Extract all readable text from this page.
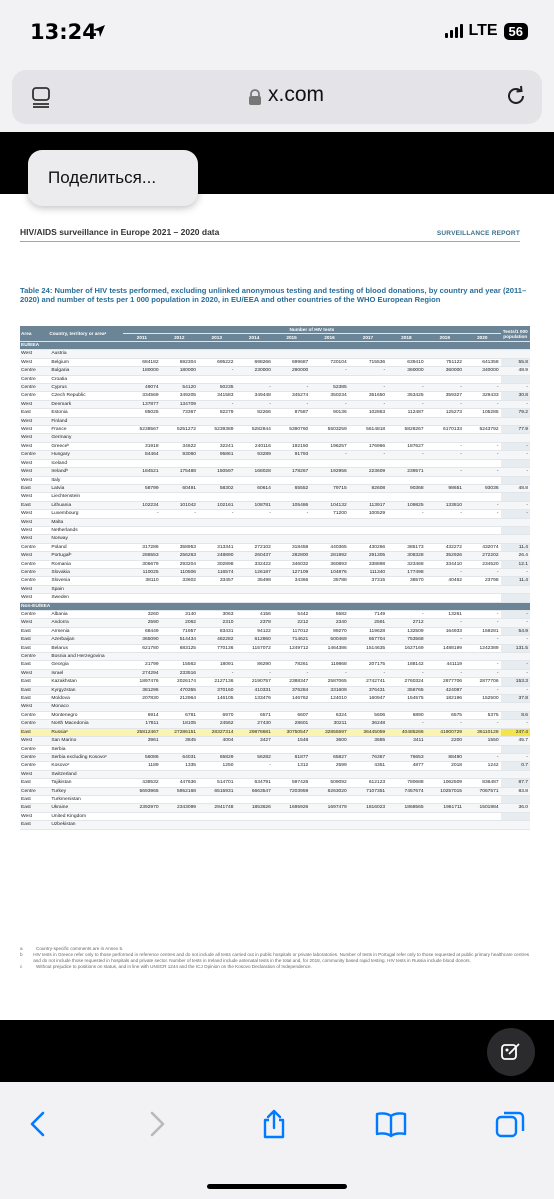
13:24	LTE 56
x.com
Поделиться...
HIV/AIDS surveillance in Europe 2021 – 2020 data	SURVEILLANCE REPORT
Table 24: Number of HIV tests performed, excluding unlinked anonymous testing and testing of blood donations, by country and year (2011–2020) and number of tests per 1 000 population in 2020, in EU/EEA and other countries of the WHO European Region
Area	Country, territory or areaᵃ	Number of HIV tests										Tests/1 000 population
		2011	2012	2013	2014	2015	2016	2017	2018	2019	2020	
EU/EEA												
West	Austria											
West	Belgium	684182	692304	695222	698266	699687	720104	715536	639410	751122	641358	55.8
Centre	Bulgaria	180000	180000	-	230000	290000	-	-	360000	360000	340000	48.9
Centre	Croatia											
Centre	Cyprus	49074	54120	50235	-	-	52385	-	-	-	-	-
Centre	Czech Republic	334569	349205	341583	349448	345274	350234	351650	353425	359327	329433	30.8
West	Denmark	137877	134709	-	-	-	-	-	-	-	-	-
East	Estonia	85025	73367	82279	82266	87587	90136	102863	112487	125273	105285	79.2
West	Finland											
West	France	5238567	5251272	5239389	5282844	5390760	5503259	5614818	5828267	6170133	5243792	77.9
West	Germany											
West	Greeceᵇ	31918	34622	32241	240116	192150	196257	176966	187627	-	-	-
Centre	Hungary	84464	93060	95861	93289	91793	-	-	-	-	-	-
West	Iceland											
West	Irelandᵇ	184521	175488	150597	168028	178267	192956	223609	239571	-	-	-
West	Italy											
East	Latvia	58799	60491	58302	60614	65552	79715	82608	90368	98651	93036	48.8
West	Liechtenstein											
East	Lithuania	102234	101042	102161	108781	105486	104132	113917	109825	133810	-	-
West	Luxembourg	-	-	-	-	-	71200	100529	-	-	-	-
West	Malta											
West	Netherlands											
West	Norway											
Centre	Poland	317286	358953	313341	272102	318458	440365	430266	385173	432272	432074	11.4
West	Portugalᵇ	286553	256263	248890	260437	282800	281992	291305	308328	352926	272202	26.4
Centre	Romania	306679	293204	302898	332422	346032	360893	338898	323468	334410	234520	12.1
Centre	Slovakia	110025	110506	116574	126187	127109	104876	111340	177498	-	-	-
Centre	Slovenia	38110	33602	33457	35498	34366	35788	37315	38570	40462	23798	11.4
West	Spain											
West	Sweden											
Non-EU/EEA												
Centre	Albania	3260	3140	3063	4156	5442	5582	7149	-	13261	-	-
West	Andorra	2590	2062	2310	2378	2212	2340	2591	2712	-	-	-
East	Armenia	68449	71957	83431	94122	117012	99270	119628	132509	164933	159281	54.9
East	Azerbaijan	365090	514434	482282	612860	714621	500469	657704	753568	-	-	-
East	Belarus	621780	683125	770136	1157072	1249712	1464386	1514635	1627169	1488199	1242389	131.5
Centre	Bosnia and Herzegovina											
East	Georgia	21799	15562	18091	86290	78261	119868	207175	188142	441119	-	-
West	Israel	274294	233516	-	-	-	-	-	-	-	-	-
East	Kazakhstan	1897476	2026174	2127136	2190757	2388347	2587065	2742741	2760324	2877706	2877706	153.3
East	Kyrgyzstan	381295	470355	370160	410331	376284	331609	376431	356765	424087	-	-
East	Moldova	207830	212964	146105	133476	146762	124010	160947	154575	182196	152500	37.8
West	Monaco											
Centre	Montenegro	6914	6781	6970	6571	6607	6324	5606	6890	6575	5375	8.6
Centre	North Macedonia	17811	18105	24562	27430	28601	30211	36248	-	-	-	-
East	Russiaᶜ	25812467	27286151	28327314	29878681	30750547	32855597	36445059	40485266	41900729	36110128	247.4
West	San Marino	3961	3845	4004	3427	1548	3600	3685	3411	2200	1550	45.7
Centre	Serbia											
Centre	Serbia excluding Kosovoᶜ	56086	64031	65829	56282	61877	65827	76367	76653	88490	-	-
Centre	Kosovoᶜ	1189	1335	1250	-	1312	2599	4351	4877	2018	1242	0.7
West	Switzerland											
East	Tajikistan	438532	447636	514701	634791	597426	509092	612123	780688	1062509	836487	87.7
Centre	Turkey	5693965	5952168	6515931	6663547	7203959	6263020	7107351	7457674	10257015	7067571	83.8
East	Turkmenistan											
East	Ukraine	2392970	2343099	2941748	1853626	1695926	1697479	1816023	1868565	1961711	1501984	36.0
West	United Kingdom											
East	Uzbekistan											
a	Country-specific comments are in Annex 5.
b HIV tests in Greece refer only to those performed in reference centres and do not include all tests carried out in public hospitals or private laboratories. Number of tests in Portugal refer only to those requested at public primary healthcare centres and do not include those requested in hospitals and private sector. Number of tests in Ireland include antenatal tests in the total and, for 2018, community based rapid testing. HIV tests in Russia include blood donors.
c	Without prejudice to positions on status, and in line with UNSCR 1244 and the ICJ Opinion on the Kosovo Declaration of Independence.
